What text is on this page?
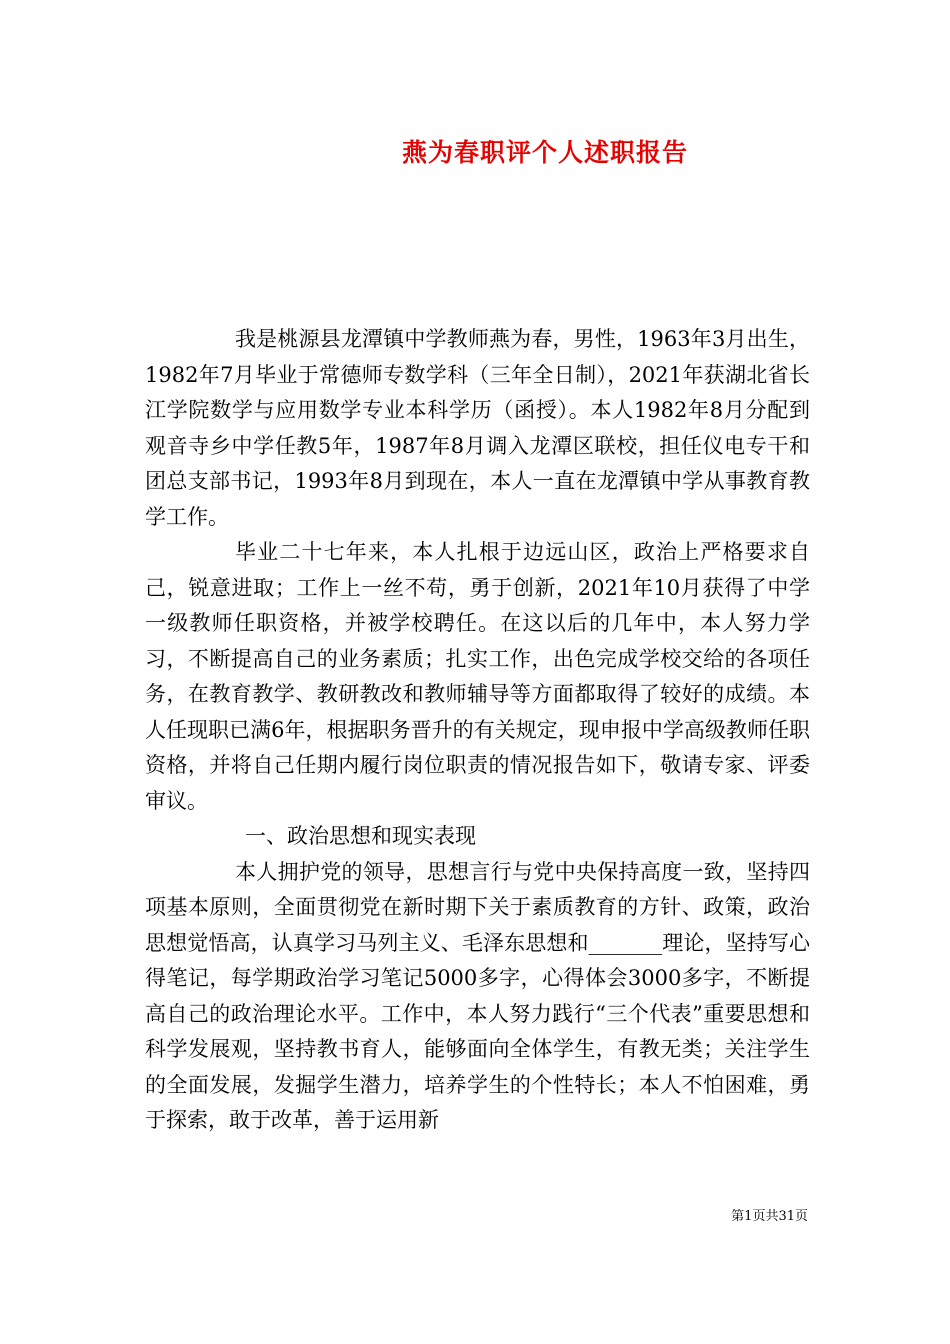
燕为春职评个人述职报告

我是桃源县龙潭镇中学教师燕为春，男性，1963年3月出生，1982年7月毕业于常德师专数学科（三年全日制），2021年获湖北省长江学院数学与应用数学专业本科学历（函授）。本人1982年8月分配到观音寺乡中学任教5年，1987年8月调入龙潭区联校，担任仪电专干和团总支部书记，1993年8月到现在，本人一直在龙潭镇中学从事教育教学工作。

毕业二十七年来，本人扎根于边远山区，政治上严格要求自己，锐意进取；工作上一丝不苟，勇于创新，2021年10月获得了中学一级教师任职资格，并被学校聘任。在这以后的几年中，本人努力学习，不断提高自己的业务素质；扎实工作，出色完成学校交给的各项任务，在教育教学、教研教改和教师辅导等方面都取得了较好的成绩。本人任现职已满6年，根据职务晋升的有关规定，现申报中学高级教师任职资格，并将自己任期内履行岗位职责的情况报告如下，敬请专家、评委审议。

一、政治思想和现实表现

本人拥护党的领导，思想言行与党中央保持高度一致，坚持四项基本原则，全面贯彻党在新时期下关于素质教育的方针、政策，政治思想觉悟高，认真学习马列主义、毛泽东思想和_______理论，坚持写心得笔记，每学期政治学习笔记5000多字，心得体会3000多字，不断提高自己的政治理论水平。工作中，本人努力践行“三个代表”重要思想和科学发展观，坚持教书育人，能够面向全体学生，有教无类；关注学生的全面发展，发掘学生潜力，培养学生的个性特长；本人不怕困难，勇于探索，敢于改革，善于运用新

第1页共31页
